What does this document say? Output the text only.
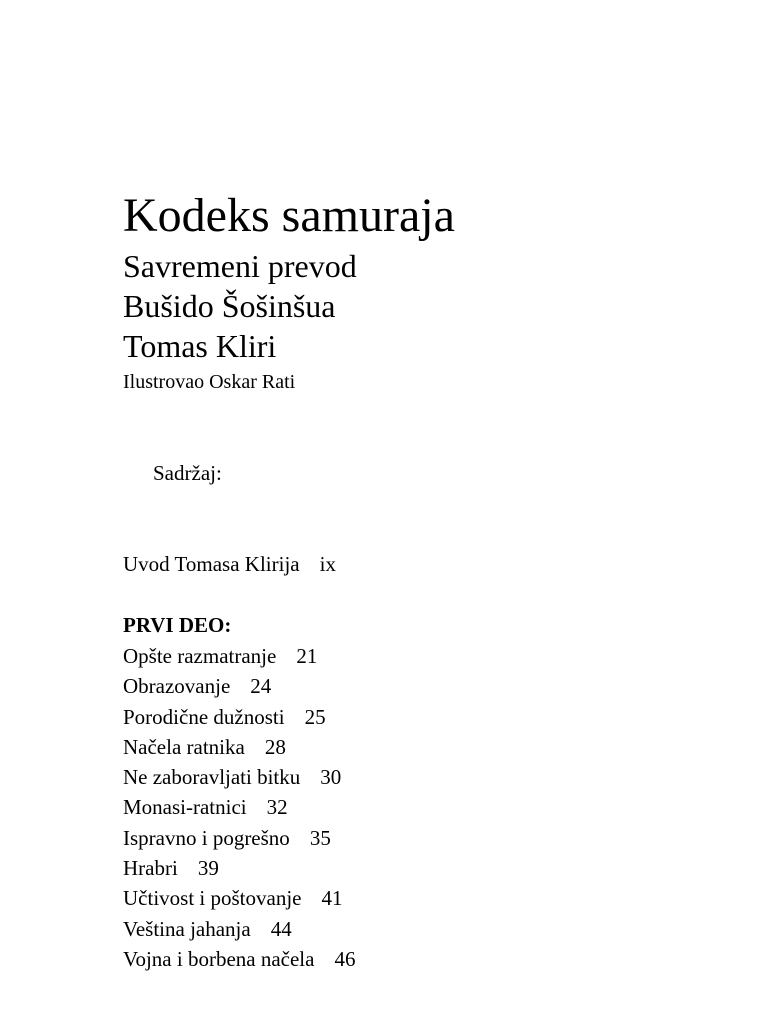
Kodeks samuraja
Savremeni prevod
Bušido Šošinšua
Tomas Kliri
Ilustrovao Oskar Rati
Sadržaj:
Uvod Tomasa Klirija ix
PRVI DEO:
Opšte razmatranje 21
Obrazovanje 24
Porodične dužnosti 25
Načela ratnika 28
Ne zaboravljati bitku 30
Monasi-ratnici 32
Ispravno i pogrešno 35
Hrabri 39
Učtivost i poštovanje 41
Veština jahanja 44
Vojna i borbena načela 46
